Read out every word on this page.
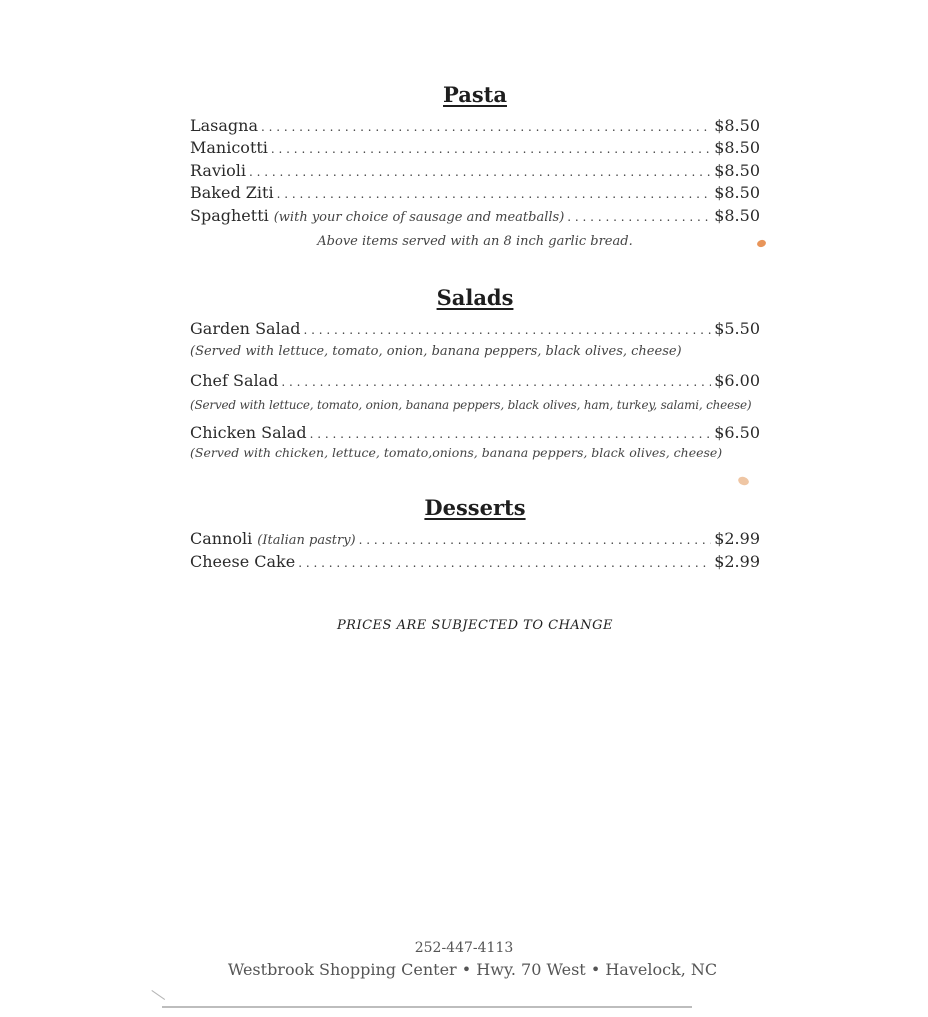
Pasta
Lasagna . . .	$8.50
Manicotti . . .	$8.50
Ravioli . . .	$8.50
Baked Ziti . . .	$8.50
Spaghetti (with your choice of sausage and meatballs) . . .	$8.50
Above items served with an 8 inch garlic bread.
Salads
Garden Salad . . .	$5.50
(Served with lettuce, tomato, onion, banana peppers, black olives, cheese)
Chef Salad . . .	$6.00
(Served with lettuce, tomato, onion, banana peppers, black olives, ham, turkey, salami, cheese)
Chicken Salad . . .	$6.50
(Served with chicken, lettuce, tomato,onions, banana peppers, black olives, cheese)
Desserts
Cannoli (Italian pastry) . . .	$2.99
Cheese Cake . . .	$2.99
PRICES ARE SUBJECTED TO CHANGE
252-447-4113
Westbrook Shopping Center • Hwy. 70 West • Havelock, NC
